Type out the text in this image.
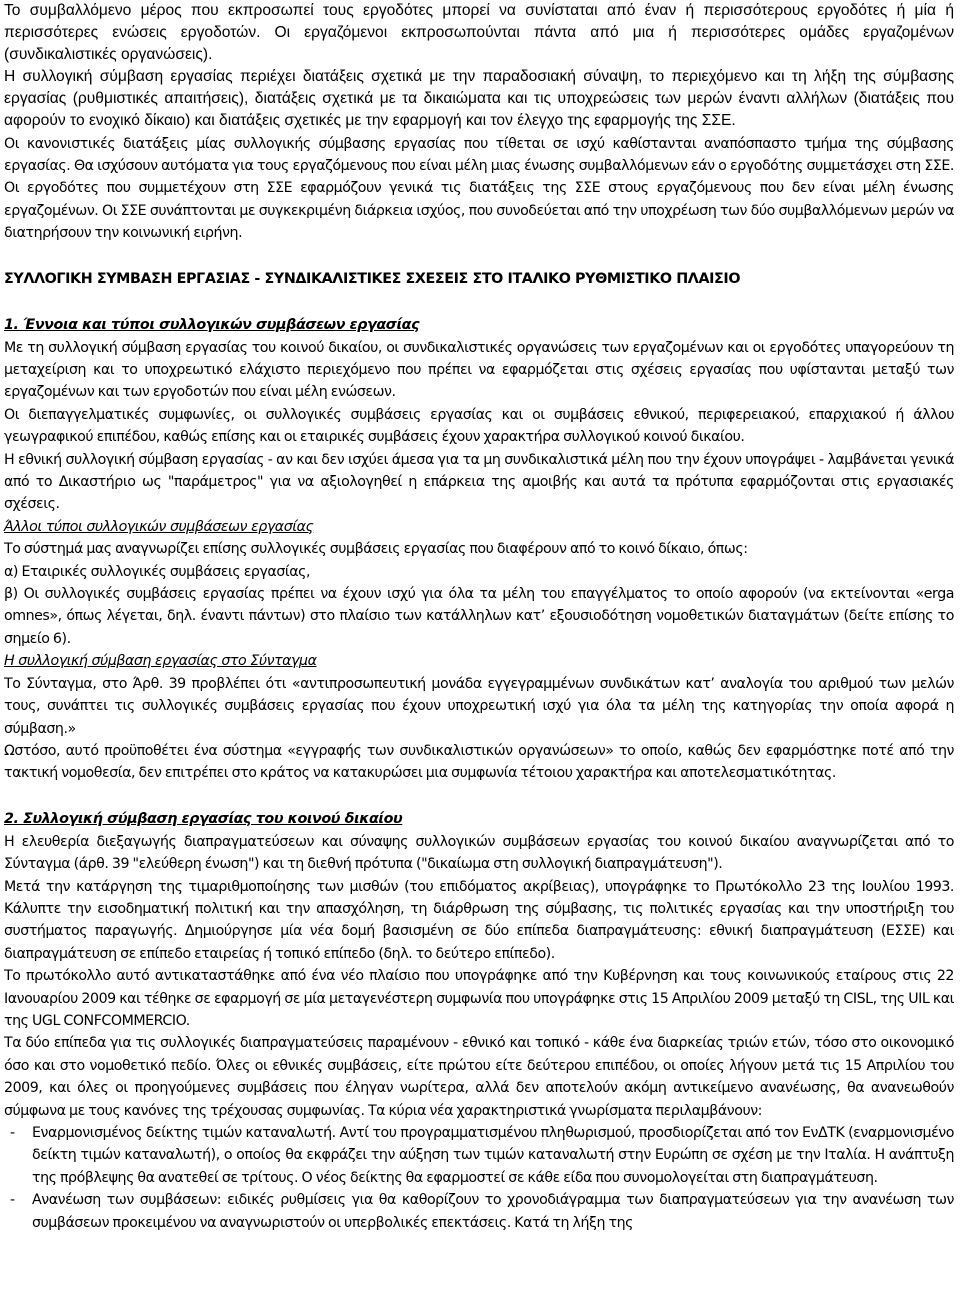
Το συμβαλλόμενο μέρος που εκπροσωπεί τους εργοδότες μπορεί να συνίσταται από έναν ή περισσότερους εργοδότες ή μία ή περισσότερες ενώσεις εργοδοτών. Οι εργαζόμενοι εκπροσωπούνται πάντα από μια ή περισσότερες ομάδες εργαζομένων (συνδικαλιστικές οργανώσεις).

Η συλλογική σύμβαση εργασίας περιέχει διατάξεις σχετικά με την παραδοσιακή σύναψη, το περιεχόμενο και τη λήξη της σύμβασης εργασίας (ρυθμιστικές απαιτήσεις), διατάξεις σχετικά με τα δικαιώματα και τις υποχρεώσεις των μερών έναντι αλλήλων (διατάξεις που αφορούν το ενοχικό δίκαιο) και διατάξεις σχετικές με την εφαρμογή και τον έλεγχο της εφαρμογής της ΣΣΕ.

Οι κανονιστικές διατάξεις μίας συλλογικής σύμβασης εργασίας που τίθεται σε ισχύ καθίστανται αναπόσπαστο τμήμα της σύμβασης εργασίας. Θα ισχύσουν αυτόματα για τους εργαζόμενους που είναι μέλη μιας ένωσης συμβαλλόμενων εάν ο εργοδότης συμμετάσχει στη ΣΣΕ. Οι εργοδότες που συμμετέχουν στη ΣΣΕ εφαρμόζουν γενικά τις διατάξεις της ΣΣΕ στους εργαζόμενους που δεν είναι μέλη ένωσης εργαζομένων. Οι ΣΣΕ συνάπτονται με συγκεκριμένη διάρκεια ισχύος, που συνοδεύεται από την υποχρέωση των δύο συμβαλλόμενων μερών να διατηρήσουν την κοινωνική ειρήνη.

ΣΥΛΛΟΓΙΚΗ ΣΥΜΒΑΣΗ ΕΡΓΑΣΙΑΣ - ΣΥΝΔΙΚΑΛΙΣΤΙΚΕΣ ΣΧΕΣΕΙΣ ΣΤΟ ΙΤΑΛΙΚΟ ΡΥΘΜΙΣΤΙΚΟ ΠΛΑΙΣΙΟ

1. Έννοια και τύποι συλλογικών συμβάσεων εργασίας

Με τη συλλογική σύμβαση εργασίας του κοινού δικαίου, οι συνδικαλιστικές οργανώσεις των εργαζομένων και οι εργοδότες υπαγορεύουν τη μεταχείριση και το υποχρεωτικό ελάχιστο περιεχόμενο που πρέπει να εφαρμόζεται στις σχέσεις εργασίας που υφίστανται μεταξύ των εργαζομένων και των εργοδοτών που είναι μέλη ενώσεων.

Οι διεπαγγελματικές συμφωνίες, οι συλλογικές συμβάσεις εργασίας και οι συμβάσεις εθνικού, περιφερειακού, επαρχιακού ή άλλου γεωγραφικού επιπέδου, καθώς επίσης και οι εταιρικές συμβάσεις έχουν χαρακτήρα συλλογικού κοινού δικαίου.

Η εθνική συλλογική σύμβαση εργασίας - αν και δεν ισχύει άμεσα για τα μη συνδικαλιστικά μέλη που την έχουν υπογράψει - λαμβάνεται γενικά από το Δικαστήριο ως "παράμετρος" για να αξιολογηθεί η επάρκεια της αμοιβής και αυτά τα πρότυπα εφαρμόζονται στις εργασιακές σχέσεις.

Άλλοι τύποι συλλογικών συμβάσεων εργασίας

Το σύστημά μας αναγνωρίζει επίσης συλλογικές συμβάσεις εργασίας που διαφέρουν από το κοινό δίκαιο, όπως:

α) Εταιρικές συλλογικές συμβάσεις εργασίας,

β) Οι συλλογικές συμβάσεις εργασίας πρέπει να έχουν ισχύ για όλα τα μέλη του επαγγέλματος το οποίο αφορούν (να εκτείνονται «erga omnes», όπως λέγεται, δηλ. έναντι πάντων) στο πλαίσιο των κατάλληλων κατ’ εξουσιοδότηση νομοθετικών διαταγμάτων (δείτε επίσης το σημείο 6).

Η συλλογική σύμβαση εργασίας στο Σύνταγμα

Το Σύνταγμα, στο Άρθ. 39 προβλέπει ότι «αντιπροσωπευτική μονάδα εγγεγραμμένων συνδικάτων κατ’ αναλογία του αριθμού των μελών τους, συνάπτει τις συλλογικές συμβάσεις εργασίας που έχουν υποχρεωτική ισχύ για όλα τα μέλη της κατηγορίας την οποία αφορά η σύμβαση.»

Ωστόσο, αυτό προϋποθέτει ένα σύστημα «εγγραφής των συνδικαλιστικών οργανώσεων» το οποίο, καθώς δεν εφαρμόστηκε ποτέ από την τακτική νομοθεσία, δεν επιτρέπει στο κράτος να κατακυρώσει μια συμφωνία τέτοιου χαρακτήρα και αποτελεσματικότητας.

2. Συλλογική σύμβαση εργασίας του κοινού δικαίου

Η ελευθερία διεξαγωγής διαπραγματεύσεων και σύναψης συλλογικών συμβάσεων εργασίας του κοινού δικαίου αναγνωρίζεται από το Σύνταγμα (άρθ. 39 "ελεύθερη ένωση") και τη διεθνή πρότυπα ("δικαίωμα στη συλλογική διαπραγμάτευση").

Μετά την κατάργηση της τιμαριθμοποίησης των μισθών (του επιδόματος ακρίβειας), υπογράφηκε το Πρωτόκολλο 23 της Ιουλίου 1993. Κάλυπτε την εισοδηματική πολιτική και την απασχόληση, τη διάρθρωση της σύμβασης, τις πολιτικές εργασίας και την υποστήριξη του συστήματος παραγωγής. Δημιούργησε μία νέα δομή βασισμένη σε δύο επίπεδα διαπραγμάτευσης: εθνική διαπραγμάτευση (ΕΣΣΕ) και διαπραγμάτευση σε επίπεδο εταιρείας ή τοπικό επίπεδο (δηλ. το δεύτερο επίπεδο).

Το πρωτόκολλο αυτό αντικαταστάθηκε από ένα νέο πλαίσιο που υπογράφηκε από την Κυβέρνηση και τους κοινωνικούς εταίρους στις 22 Ιανουαρίου 2009 και τέθηκε σε εφαρμογή σε μία μεταγενέστερη συμφωνία που υπογράφηκε στις 15 Απριλίου 2009 μεταξύ τη CISL, της UIL και της UGL CONFCOMMERCIO.

Τα δύο επίπεδα για τις συλλογικές διαπραγματεύσεις παραμένουν - εθνικό και τοπικό - κάθε ένα διαρκείας τριών ετών, τόσο στο οικονομικό όσο και στο νομοθετικό πεδίο. Όλες οι εθνικές συμβάσεις, είτε πρώτου είτε δεύτερου επιπέδου, οι οποίες λήγουν μετά τις 15 Απριλίου του 2009, και όλες οι προηγούμενες συμβάσεις που έληγαν νωρίτερα, αλλά δεν αποτελούν ακόμη αντικείμενο ανανέωσης, θα ανανεωθούν σύμφωνα με τους κανόνες της τρέχουσας συμφωνίας. Τα κύρια νέα χαρακτηριστικά γνωρίσματα περιλαμβάνουν:

-	Εναρμονισμένος δείκτης τιμών καταναλωτή. Αντί του προγραμματισμένου πληθωρισμού, προσδιορίζεται από τον ΕνΔΤΚ (εναρμονισμένο δείκτη τιμών καταναλωτή), ο οποίος θα εκφράζει την αύξηση των τιμών καταναλωτή στην Ευρώπη σε σχέση με την Ιταλία. Η ανάπτυξη της πρόβλεψης θα ανατεθεί σε τρίτους. Ο νέος δείκτης θα εφαρμοστεί σε κάθε είδα που συνομολογείται στη διαπραγμάτευση.
-	Ανανέωση των συμβάσεων: ειδικές ρυθμίσεις για θα καθορίζουν το χρονοδιάγραμμα των διαπραγματεύσεων για την ανανέωση των συμβάσεων προκειμένου να αναγνωριστούν οι υπερβολικές επεκτάσεις. Κατά τη λήξη της
